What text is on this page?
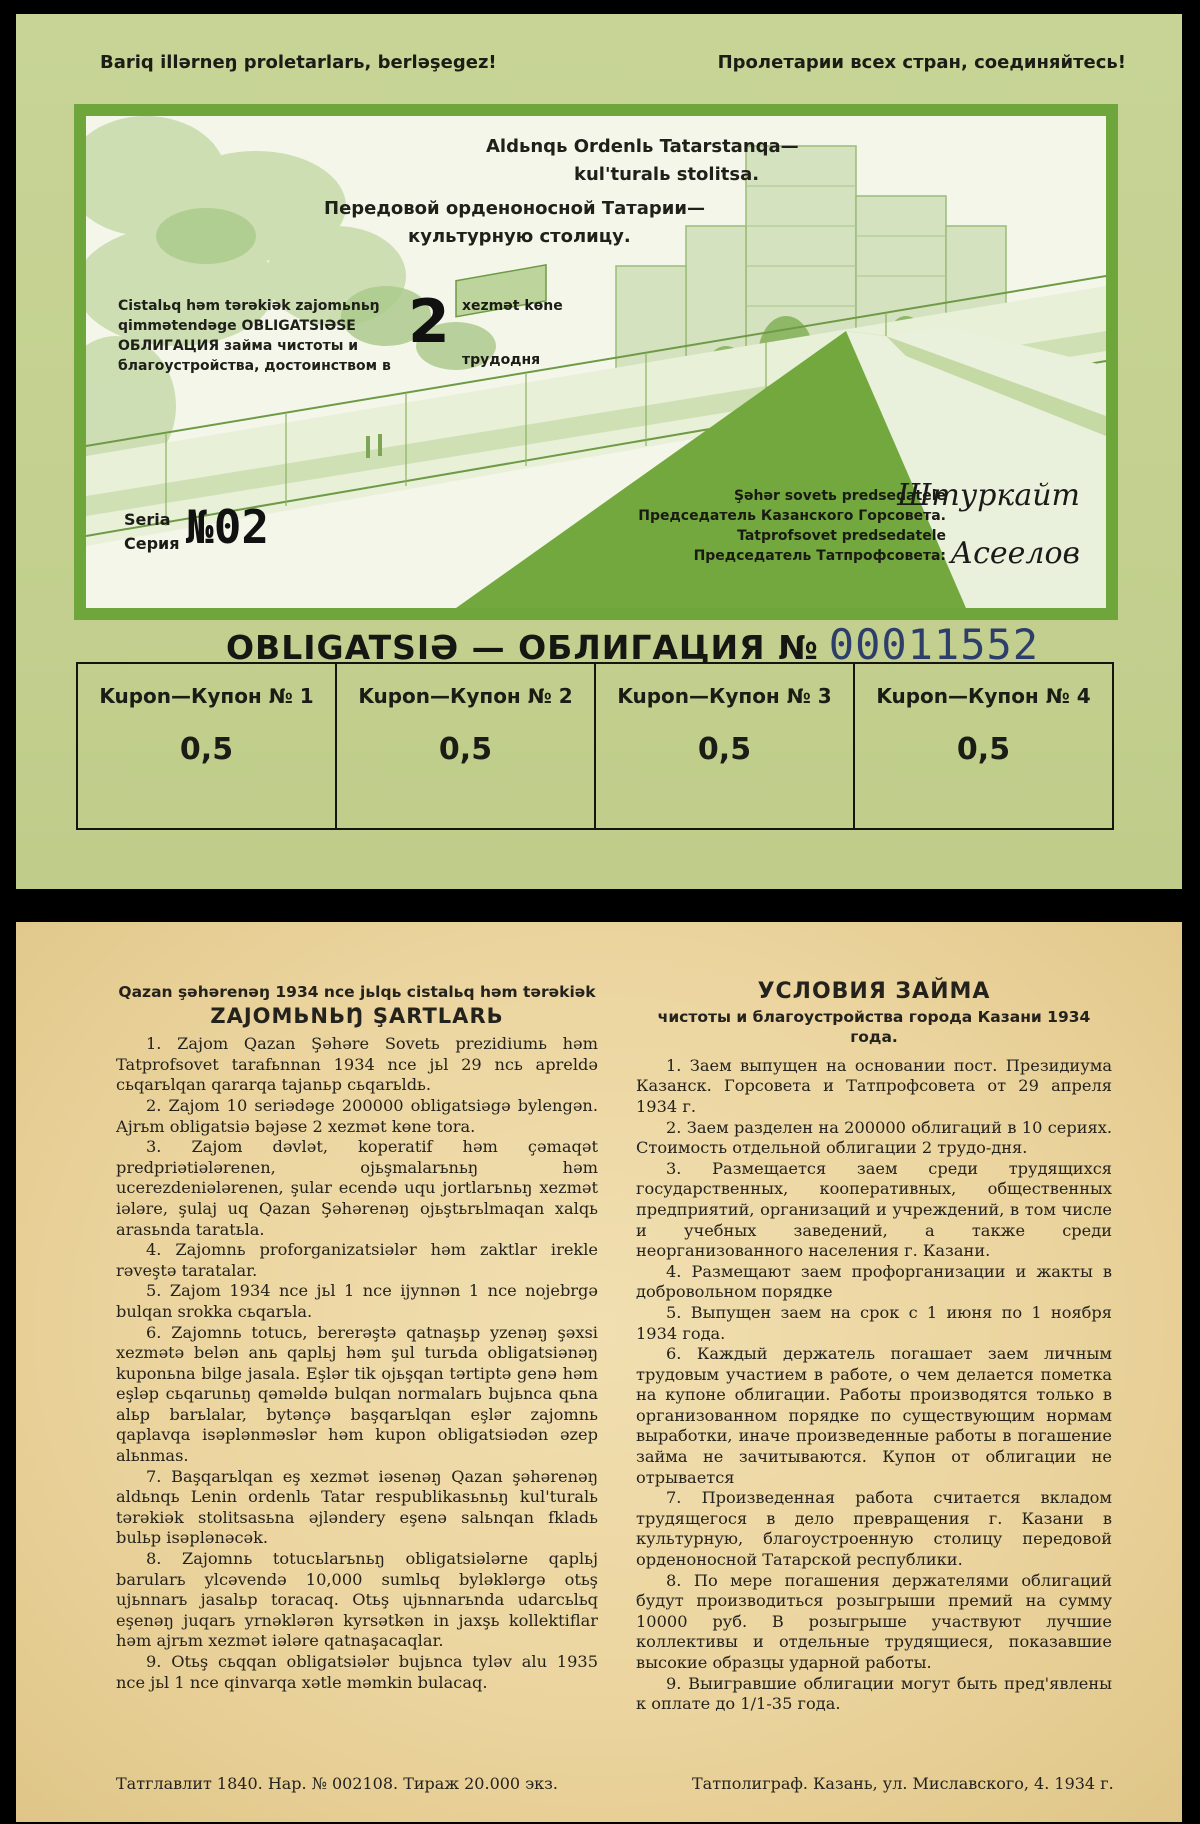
Bariq illərneŋ proletarlarь, berləşegez!	Пролетарии всех стран, соединяйтесь!
Aldьnqь Ordenlь Tatarstanqa—
kul'turalь stolitsa.
Передовой орденоносной Татарии—
культурную столицу.
Cistalьq həm tərəkiək zajomьnьŋ
qimmətendəge OBLIGATSIƏSE
ОБЛИГАЦИЯ займа чистоты и
благоустройства, достоинством в
2 xezmət kөne
трудодня
Seria
Серия №02
Şəhər sovetь predsedatele
Председатель Казанского Горсовета.
Tatprofsovet predsedatele
Председатель Татпрофсовета:
Штуркайт
Асеелов
OBLIGATSIƏ — ОБЛИГАЦИЯ № 00011552
Kupon—Купон № 1
0,5
Kupon—Купон № 2
0,5
Kupon—Купон № 3
0,5
Kupon—Купон № 4
0,5
Qazan şəhərenəŋ 1934 nce jьlqь cistalьq həm tərəkiək
ZAJOMЬNЬŊ ŞARTLARЬ

1. Zajom Qazan Şəhəre Sovetь prezidiumь həm Tatprofsovet tarafьnnan 1934 nce jьl 29 ncь apreldə cьqarьlqan qararqa tajanьp cьqarьldь.

2. Zajom 10 seriədəge 200000 obligatsiəgə bylengən. Ajrьm obligatsiə bəjəse 2 xezmət kөne tora.

3. Zajom dəvlət, koperatif həm çəmaqət predpriətiələrenen, ojьşmalarьnьŋ həm ucerezdeniələrenen, şular ecendə uqu jortlarьnьŋ xezmət iələre, şulaj uq Qazan Şəhərenəŋ ojьştьrьlmaqan xalqь arasьnda taratьla.

4. Zajomnь proforganizatsiələr həm zaktlar irekle rəveştə taratalar.

5. Zajom 1934 nce jьl 1 nce ijynnən 1 nce nojebrgə bulqan srokka cьqarьla.

6. Zajomnь totucь, bererəştə qatnaşьp yzenəŋ şəxsi xezmətə belən anь qaplьj həm şul turьda obligatsiənəŋ kuponьna bilge jasala. Eşlər tik ojьşqan tərtiptə genə həm eşləp cьqarunьŋ qəməldə bulqan normalarь bujьnca qьna alьp barьlalar, bytənçə başqarьlqan eşlər zajomnь qaplavqa isəplənməslər həm kupon obligatsiədən əzep alьnmas.

7. Başqarьlqan eş xezmət iəsenəŋ Qazan şəhərenəŋ aldьnqь Lenin ordenlь Tatar respublikasьnьŋ kul'turalь tərəkiək stolitsasьna əjləndery eşenə salьnqan fkladь bulьp isəplənəcək.

8. Zajomnь totucьlarьnьŋ obligatsiələrne qaplьj barularь ylcəvendə 10,000 sumlьq byləklərgə otьş ujьnnarь jasalьp toracaq. Otьş ujьnnarьnda udarcьlьq eşenəŋ juqarь yrnəklərən kyrsətkən in jaxşь kollektiflar həm ajrьm xezmət iələre qatnaşacaqlar.

9. Otьş cьqqan obligatsiələr bujьnca tyləv alu 1935 nce jьl 1 nce qinvarqa xətle məmkin bulacaq.

УСЛОВИЯ ЗАЙМА
чистоты и благоустройства города Казани 1934 года.

1. Заем выпущен на основании пост. Президиума Казанск. Горсовета и Татпрофсовета от 29 апреля 1934 г.

2. Заем разделен на 200000 облигаций в 10 сериях. Стоимость отдельной облигации 2 трудо-дня.

3. Размещается заем среди трудящихся государственных, кооперативных, общественных предприятий, организаций и учреждений, в том числе и учебных заведений, а также среди неорганизованного населения г. Казани.

4. Размещают заем профорганизации и жакты в добровольном порядке

5. Выпущен заем на срок с 1 июня по 1 ноября 1934 года.

6. Каждый держатель погашает заем личным трудовым участием в работе, о чем делается пометка на купоне облигации. Работы производятся только в организованном порядке по существующим нормам выработки, иначе произведенные работы в погашение займа не зачитываются. Купон от облигации не отрывается

7. Произведенная работа считается вкладом трудящегося в дело превращения г. Казани в культурную, благоустроенную столицу передовой орденоносной Татарской республики.

8. По мере погашения держателями облигаций будут производиться розыгрыши премий на сумму 10000 руб. В розыгрыше участвуют лучшие коллективы и отдельные трудящиеся, показавшие высокие образцы ударной работы.

9. Выигравшие облигации могут быть пред'явлены к оплате до 1/1-35 года.

Татглавлит 1840. Нар. № 002108. Тираж 20.000 экз.	Татполиграф. Казань, ул. Миславского, 4. 1934 г.
